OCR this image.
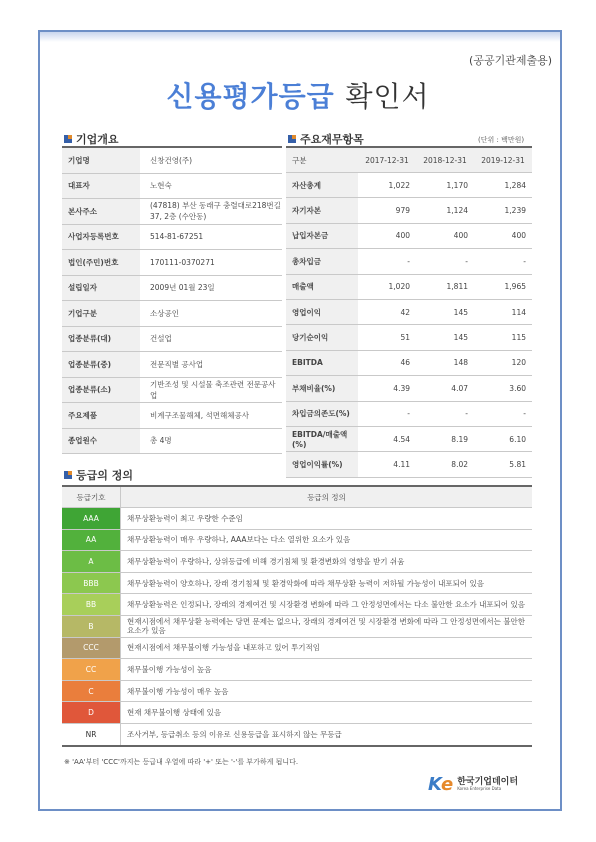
(공공기관제출용)
신용평가등급 확인서
기업개요
기업명	신창건영(주)
대표자	노현숙
본사주소	(47818) 부산 동래구 충렬대로218번길 37, 2층 (수안동)
사업자등록번호	514-81-67251
법인(주민)번호	170111-0370271
설립일자	2009년 01월 23일
기업구분	소상공인
업종분류(대)	건설업
업종분류(중)	전문직별 공사업
업종분류(소)	기반조성 및 시설물 축조관련 전문공사업
주요제품	비계구조물해체, 석면해체공사
종업원수	총 4명
주요재무항목	(단위 : 백만원)
구분	2017-12-31	2018-12-31	2019-12-31
자산총계	1,022	1,170	1,284
자기자본	979	1,124	1,239
납입자본금	400	400	400
총차입금	-	-	-
매출액	1,020	1,811	1,965
영업이익	42	145	114
당기순이익	51	145	115
EBITDA	46	148	120
부채비율(%)	4.39	4.07	3.60
차입금의존도(%)	-	-	-
EBITDA/매출액(%)	4.54	8.19	6.10
영업이익률(%)	4.11	8.02	5.81
등급의 정의
등급기호	등급의 정의
AAA	채무상환능력이 최고 우량한 수준임
AA	채무상환능력이 매우 우량하나, AAA보다는 다소 열위한 요소가 있음
A	채무상환능력이 우량하나, 상위등급에 비해 경기침체 및 환경변화의 영향을 받기 쉬움
BBB	채무상환능력이 양호하나, 장래 경기침체 및 환경악화에 따라 채무상환 능력이 저하될 가능성이 내포되어 있음
BB	채무상환능력은 인정되나, 장래의 경제여건 및 시장환경 변화에 따라 그 안정성면에서는 다소 불안한 요소가 내포되어 있음
B	현재시점에서 채무상환 능력에는 당면 문제는 없으나, 장래의 경제여건 및 시장환경 변화에 따라 그 안정성면에서는 불안한 요소가 있음
CCC	현재시점에서 채무불이행 가능성을 내포하고 있어 투기적임
CC	채무불이행 가능성이 높음
C	채무불이행 가능성이 매우 높음
D	현재 채무불이행 상태에 있음
NR	조사거부, 등급취소 등의 이유로 신용등급을 표시하지 않는 무등급
※ 'AA'부터 'CCC'까지는 등급내 우열에 따라 '+' 또는 '-'를 부가하게 됩니다.
Ke 한국기업데이터
Korea Enterprise Data
